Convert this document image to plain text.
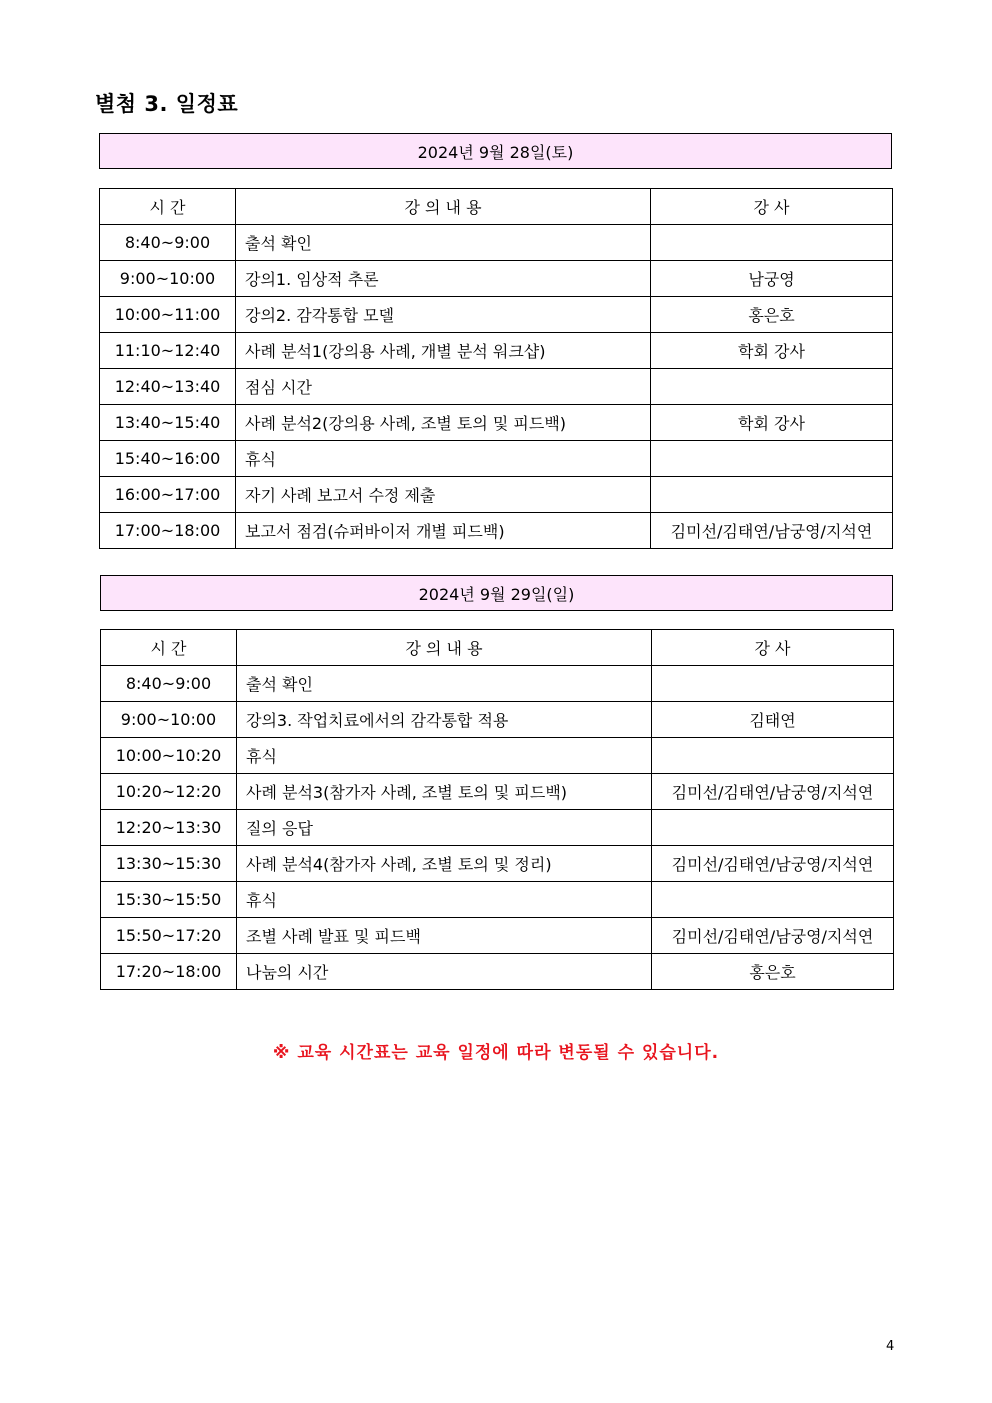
별첨 3. 일정표
2024년 9월 28일(토)
시 간	강 의 내 용	강 사
8:40~9:00	출석 확인	
9:00~10:00	강의1. 임상적 추론	남궁영
10:00~11:00	강의2. 감각통합 모델	홍은호
11:10~12:40	사례 분석1(강의용 사례, 개별 분석 워크샵)	학회 강사
12:40~13:40	점심 시간	
13:40~15:40	사례 분석2(강의용 사례, 조별 토의 및 피드백)	학회 강사
15:40~16:00	휴식	
16:00~17:00	자기 사례 보고서 수정 제출	
17:00~18:00	보고서 점검(슈퍼바이저 개별 피드백)	김미선/김태연/남궁영/지석연
2024년 9월 29일(일)
시 간	강 의 내 용	강 사
8:40~9:00	출석 확인	
9:00~10:00	강의3. 작업치료에서의 감각통합 적용	김태연
10:00~10:20	휴식	
10:20~12:20	사례 분석3(참가자 사례, 조별 토의 및 피드백)	김미선/김태연/남궁영/지석연
12:20~13:30	질의 응답	
13:30~15:30	사례 분석4(참가자 사례, 조별 토의 및 정리)	김미선/김태연/남궁영/지석연
15:30~15:50	휴식	
15:50~17:20	조별 사례 발표 및 피드백	김미선/김태연/남궁영/지석연
17:20~18:00	나눔의 시간	홍은호
※ 교육 시간표는 교육 일정에 따라 변동될 수 있습니다.
4
